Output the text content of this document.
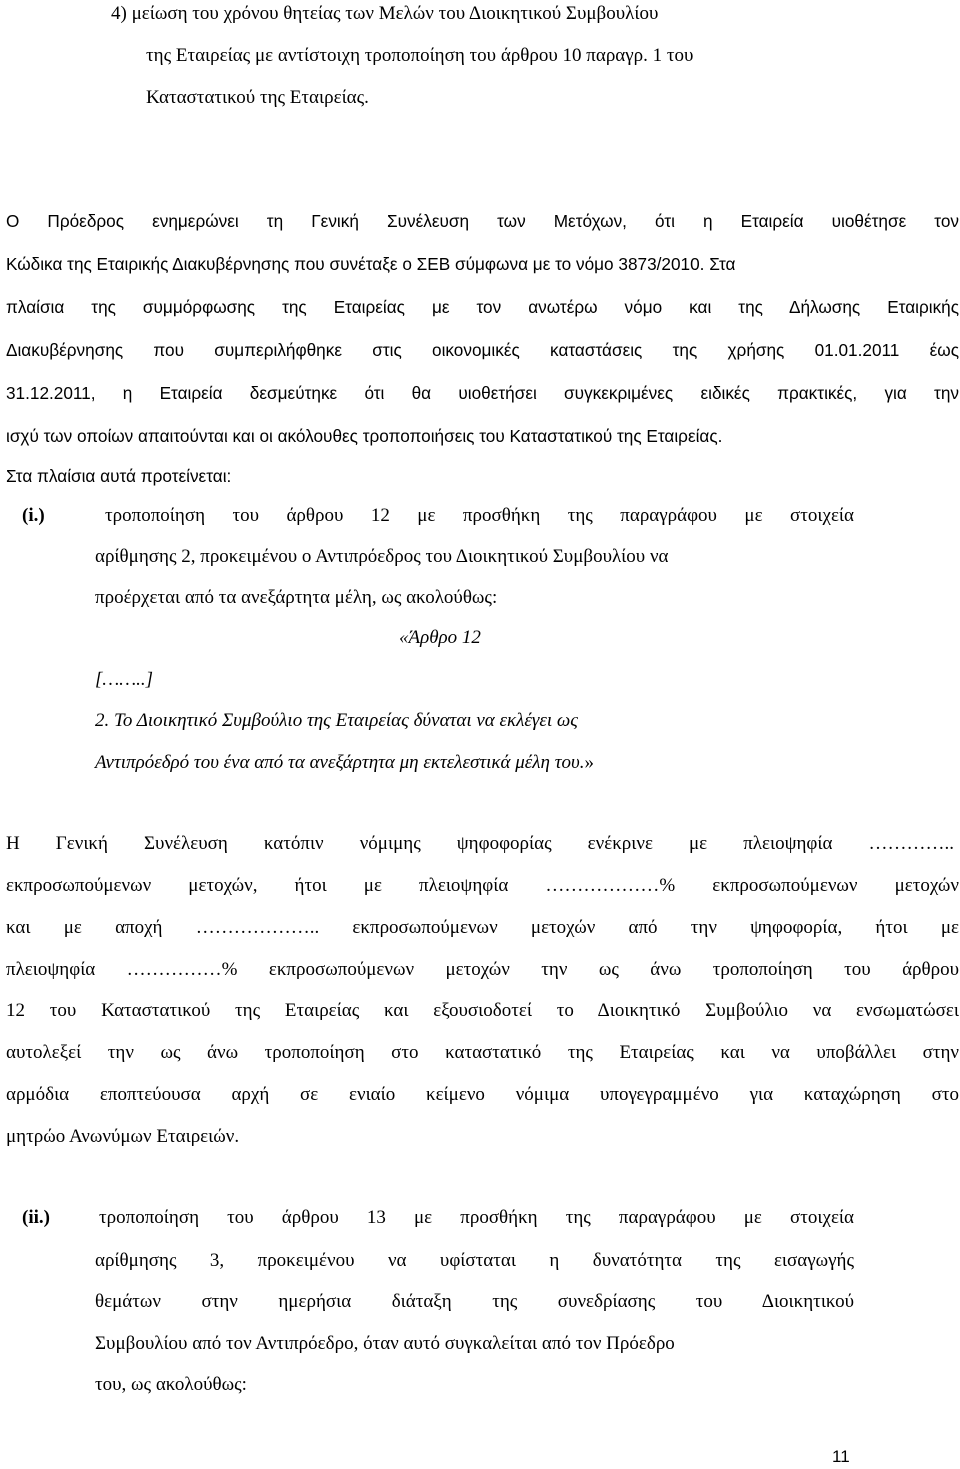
4) μείωση του χρόνου θητείας των Μελών του Διοικητικού Συμβουλίου
της Εταιρείας με αντίστοιχη τροποποίηση του άρθρου 10 παραγρ. 1 του
Καταστατικού της Εταιρείας.
Ο Πρόεδρος ενημερώνει τη Γενική Συνέλευση των Μετόχων, ότι η Εταιρεία υιοθέτησε τον
Κώδικα της Εταιρικής Διακυβέρνησης που συνέταξε ο ΣΕΒ σύμφωνα με το νόμο 3873/2010. Στα
πλαίσια της συμμόρφωσης της Εταιρείας με τον ανωτέρω νόμο και της Δήλωσης Εταιρικής
Διακυβέρνησης που συμπεριλήφθηκε στις οικονομικές καταστάσεις της χρήσης 01.01.2011 έως
31.12.2011, η Εταιρεία δεσμεύτηκε ότι θα υιοθετήσει συγκεκριμένες ειδικές πρακτικές, για την
ισχύ των οποίων απαιτούνται και οι ακόλουθες τροποποιήσεις του Καταστατικού της Εταιρείας.
Στα πλαίσια αυτά προτείνεται:
(i.)	τροποποίηση του άρθρου 12 με προσθήκη της παραγράφου με στοιχεία
αρίθμησης 2, προκειμένου ο Αντιπρόεδρος του Διοικητικού Συμβουλίου να
προέρχεται από τα ανεξάρτητα μέλη, ως ακολούθως:
«Άρθρο 12
[……..]
2. Το Διοικητικό Συμβούλιο της Εταιρείας δύναται να εκλέγει ως
Αντιπρόεδρό του ένα από τα ανεξάρτητα μη εκτελεστικά μέλη του.»
Η Γενική Συνέλευση κατόπιν νόμιμης ψηφοφορίας ενέκρινε με πλειοψηφία …………..
εκπροσωπούμενων μετοχών, ήτοι με πλειοψηφία ………………% εκπροσωπούμενων μετοχών
και με αποχή ……………….. εκπροσωπούμενων μετοχών από την ψηφοφορία, ήτοι με
πλειοψηφία ……………% εκπροσωπούμενων μετοχών την ως άνω τροποποίηση του άρθρου
12 του Καταστατικού της Εταιρείας και εξουσιοδοτεί το Διοικητικό Συμβούλιο να ενσωματώσει
αυτολεξεί την ως άνω τροποποίηση στο καταστατικό της Εταιρείας και να υποβάλλει στην
αρμόδια εποπτεύουσα αρχή σε ενιαίο κείμενο νόμιμα υπογεγραμμένο για καταχώρηση στο
μητρώο Ανωνύμων Εταιρειών.
(ii.)	τροποποίηση του άρθρου 13 με προσθήκη της παραγράφου με στοιχεία
αρίθμησης 3, προκειμένου να υφίσταται η δυνατότητα της εισαγωγής
θεμάτων στην ημερήσια διάταξη της συνεδρίασης του Διοικητικού
Συμβουλίου από τον Αντιπρόεδρο, όταν αυτό συγκαλείται από τον Πρόεδρο
του, ως ακολούθως:
11
